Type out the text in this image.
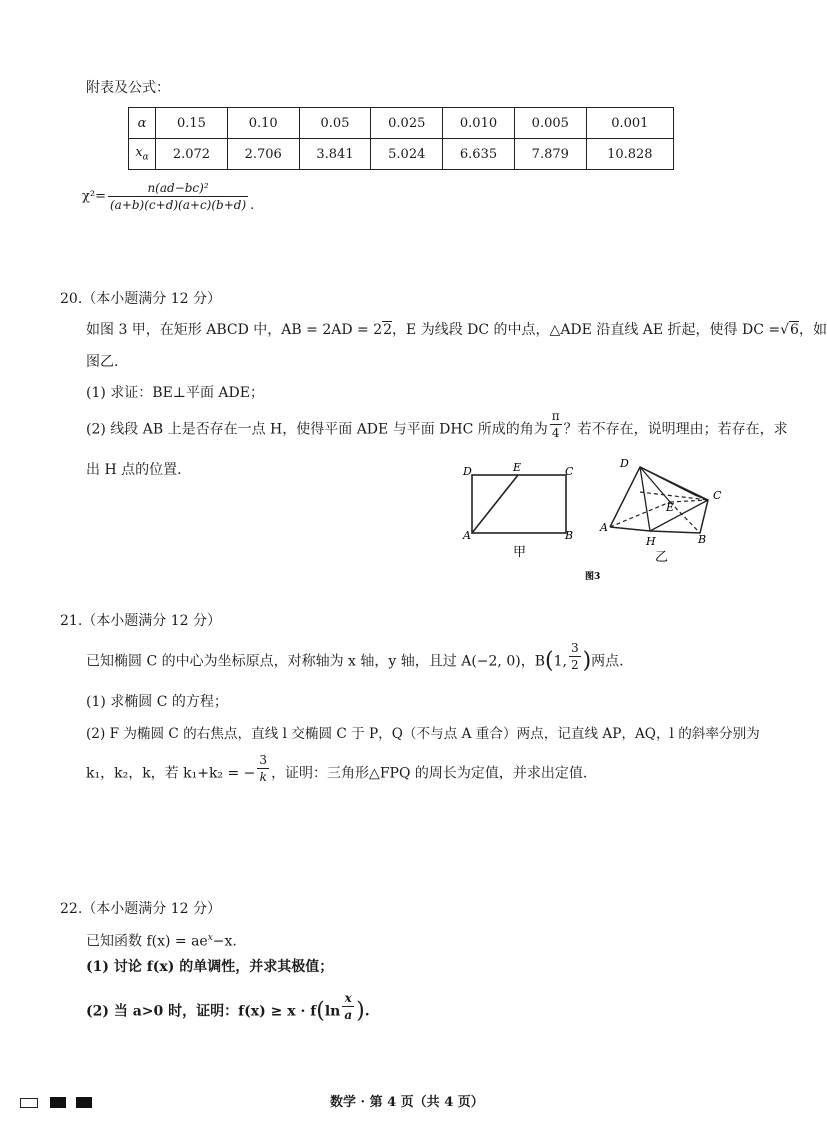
附表及公式：
α	0.15	0.10	0.05	0.025	0.010	0.005	0.001
$x_\alpha$	2.072	2.706	3.841	5.024	6.635	7.879	10.828
$\chi^2= \frac{\text{n(ad−bc)²}}{(a+b)(c+d)(a+c)(b+d)}$ .
20.（本小题满分 12 分）
如图 3 甲，在矩形 ABCD 中，AB = 2AD = 22，E 为线段 DC 的中点，△ADE 沿直线 AE 折起，使得 DC =√6，如
图乙.
(1) 求证：BE⊥平面 ADE；
(2) 线段 AB 上是否存在一点 H，使得平面 ADE 与平面 DHC 所成的角为 $\frac{\pi}{4}$ ？若不存在，说明理由；若存在，求
出 H 点的位置.	D	E	C
A	B
甲
D
C
E
A
H	B
乙
图3
21.（本小题满分 12 分）
已知椭圆 C 的中心为坐标原点，对称轴为 x 轴，y 轴，且过 A(−2, 0)，B(1, $\frac{3}{2}$ )两点.
(1) 求椭圆 C 的方程；
(2) F 为椭圆 C 的右焦点，直线 l 交椭圆 C 于 P，Q（不与点 A 重合）两点，记直线 AP，AQ，l 的斜率分别为
k₁，k₂，k，若 k₁+k₂ = − $\frac{3}{k}$ ，证明：三角形△FPQ 的周长为定值，并求出定值.
22.（本小题满分 12 分）
已知函数 $f(x) = ae^x-x$.
(1) 讨论 f(x) 的单调性，并求其极值；
(2) 当 a>0 时，证明：$f(x) \ge x \cdot f(\ln \frac{x}{a}$ ).
数学 · 第 4 页（共 4 页）
